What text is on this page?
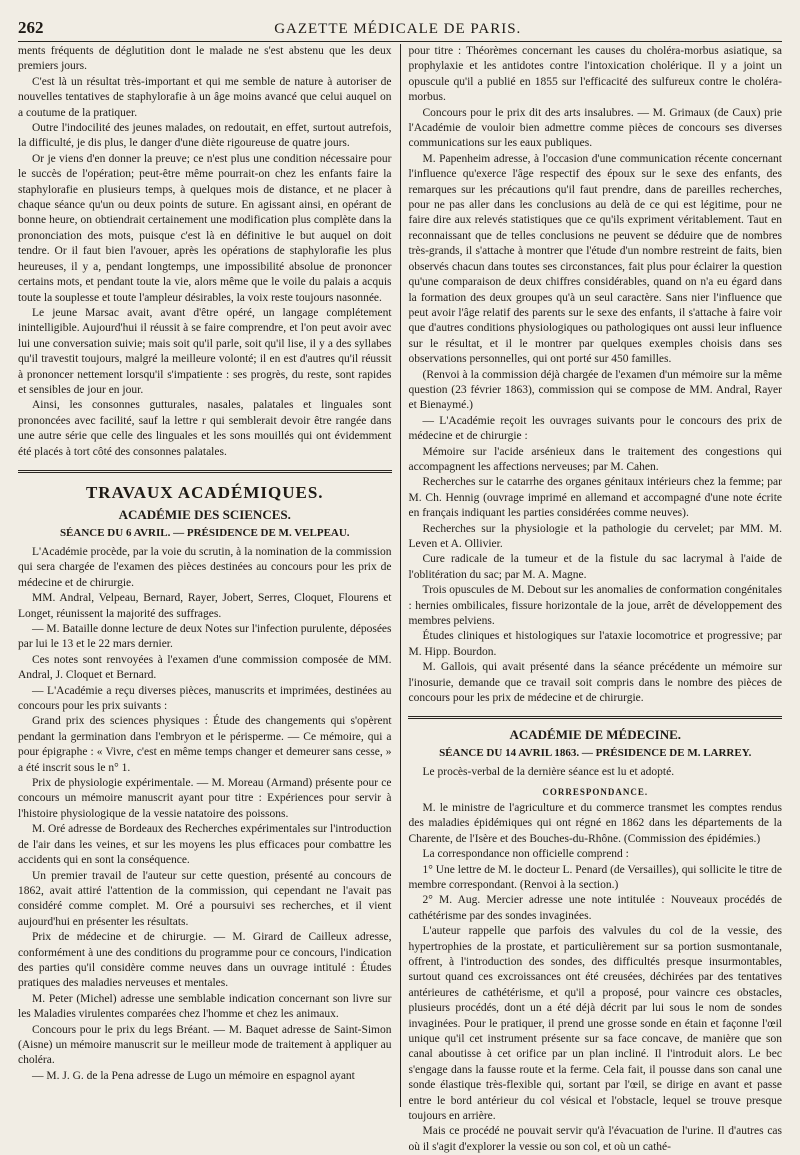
262	GAZETTE MÉDICALE DE PARIS.

ments fréquents de déglutition dont le malade ne s'est abstenu que les deux premiers jours.

C'est là un résultat très-important et qui me semble de nature à autoriser de nouvelles tentatives de staphylorafie à un âge moins avancé que celui auquel on a coutume de la pratiquer.

Outre l'indocilité des jeunes malades, on redoutait, en effet, surtout autrefois, la difficulté, je dis plus, le danger d'une diète rigoureuse de quatre jours.

Or je viens d'en donner la preuve; ce n'est plus une condition nécessaire pour le succès de l'opération; peut-être même pourrait-on chez les enfants faire la staphylorafie en plusieurs temps, à quelques mois de distance, et ne placer à chaque séance qu'un ou deux points de suture. En agissant ainsi, en opérant de bonne heure, on obtiendrait certainement une modification plus complète dans la prononciation des mots, puisque c'est là en définitive le but auquel on doit tendre. Or il faut bien l'avouer, après les opérations de staphylorafie les plus heureuses, il y a, pendant longtemps, une impossibilité absolue de prononcer certains mots, et pendant toute la vie, alors même que le voile du palais a acquis toute la souplesse et toute l'ampleur désirables, la voix reste toujours nasonnée.

Le jeune Marsac avait, avant d'être opéré, un langage complétement inintelligible. Aujourd'hui il réussit à se faire comprendre, et l'on peut avoir avec lui une conversation suivie; mais soit qu'il parle, soit qu'il lise, il y a des syllabes qu'il travestit toujours, malgré la meilleure volonté; il en est d'autres qu'il réussit à prononcer nettement lorsqu'il s'impatiente : ses progrès, du reste, sont rapides et sensibles de jour en jour.

Ainsi, les consonnes gutturales, nasales, palatales et linguales sont prononcées avec facilité, sauf la lettre r qui semblerait devoir être rangée dans une autre série que celle des linguales et les sons mouillés qui ont évidemment été placés à tort côté des consonnes palatales.

TRAVAUX ACADÉMIQUES.
ACADÉMIE DES SCIENCES.
SÉANCE DU 6 AVRIL. — PRÉSIDENCE DE M. VELPEAU.

L'Académie procède, par la voie du scrutin, à la nomination de la commission qui sera chargée de l'examen des pièces destinées au concours pour les prix de médecine et de chirurgie.

MM. Andral, Velpeau, Bernard, Rayer, Jobert, Serres, Cloquet, Flourens et Longet, réunissent la majorité des suffrages.

— M. Bataille donne lecture de deux Notes sur l'infection purulente, déposées par lui le 13 et le 22 mars dernier.

Ces notes sont renvoyées à l'examen d'une commission composée de MM. Andral, J. Cloquet et Bernard.

— L'Académie a reçu diverses pièces, manuscrits et imprimées, destinées au concours pour les prix suivants :

Grand prix des sciences physiques : Étude des changements qui s'opèrent pendant la germination dans l'embryon et le périsperme. — Ce mémoire, qui a pour épigraphe : « Vivre, c'est en même temps changer et demeurer sans cesse, » a été inscrit sous le n° 1.

Prix de physiologie expérimentale. — M. Moreau (Armand) présente pour ce concours un mémoire manuscrit ayant pour titre : Expériences pour servir à l'histoire physiologique de la vessie natatoire des poissons.

M. Oré adresse de Bordeaux des Recherches expérimentales sur l'introduction de l'air dans les veines, et sur les moyens les plus efficaces pour combattre les accidents qui en sont la conséquence.

Un premier travail de l'auteur sur cette question, présenté au concours de 1862, avait attiré l'attention de la commission, qui cependant ne l'avait pas considéré comme complet. M. Oré a poursuivi ses recherches, et il vient aujourd'hui en présenter les résultats.

Prix de médecine et de chirurgie. — M. Girard de Cailleux adresse, conformément à une des conditions du programme pour ce concours, l'indication des parties qu'il considère comme neuves dans un ouvrage intitulé : Études pratiques des maladies nerveuses et mentales.

M. Peter (Michel) adresse une semblable indication concernant son livre sur les Maladies virulentes comparées chez l'homme et chez les animaux.

Concours pour le prix du legs Bréant. — M. Baquet adresse de Saint-Simon (Aisne) un mémoire manuscrit sur le meilleur mode de traitement à appliquer au choléra.

— M. J. G. de la Pena adresse de Lugo un mémoire en espagnol ayant

pour titre : Théorèmes concernant les causes du choléra-morbus asiatique, sa prophylaxie et les antidotes contre l'intoxication cholérique. Il y a joint un opuscule qu'il a publié en 1855 sur l'efficacité des sulfureux contre le choléra-morbus.

Concours pour le prix dit des arts insalubres. — M. Grimaux (de Caux) prie l'Académie de vouloir bien admettre comme pièces de concours ses diverses communications sur les eaux publiques.

M. Papenheim adresse, à l'occasion d'une communication récente concernant l'influence qu'exerce l'âge respectif des époux sur le sexe des enfants, des remarques sur les précautions qu'il faut prendre, dans de pareilles recherches, pour ne pas aller dans les conclusions au delà de ce qui est légitime, pour ne faire dire aux relevés statistiques que ce qu'ils expriment véritablement. Taut en reconnaissant que de telles conclusions ne peuvent se déduire que de nombres très-grands, il s'attache à montrer que l'étude d'un nombre restreint de faits, bien observés chacun dans toutes ses circonstances, fait plus pour éclairer la question qu'une comparaison de deux chiffres considérables, quand on n'a eu égard dans la formation des deux groupes qu'à un seul caractère. Sans nier l'influence que peut avoir l'âge relatif des parents sur le sexe des enfants, il s'attache à faire voir que d'autres conditions physiologiques ou pathologiques ont aussi leur influence sur le résultat, et il le montrer par quelques exemples choisis dans ses observations personnelles, qui ont porté sur 450 familles.

(Renvoi à la commission déjà chargée de l'examen d'un mémoire sur la même question (23 février 1863), commission qui se compose de MM. Andral, Rayer et Bienaymé.)

— L'Académie reçoit les ouvrages suivants pour le concours des prix de médecine et de chirurgie :

Mémoire sur l'acide arsénieux dans le traitement des congestions qui accompagnent les affections nerveuses; par M. Cahen.

Recherches sur le catarrhe des organes génitaux intérieurs chez la femme; par M. Ch. Hennig (ouvrage imprimé en allemand et accompagné d'une note écrite en français indiquant les parties considérées comme neuves).

Recherches sur la physiologie et la pathologie du cervelet; par MM. M. Leven et A. Ollivier.

Cure radicale de la tumeur et de la fistule du sac lacrymal à l'aide de l'oblitération du sac; par M. A. Magne.

Trois opuscules de M. Debout sur les anomalies de conformation congénitales : hernies ombilicales, fissure horizontale de la joue, arrêt de développement des membres pelviens.

Études cliniques et histologiques sur l'ataxie locomotrice et progressive; par M. Hipp. Bourdon.

M. Gallois, qui avait présenté dans la séance précédente un mémoire sur l'inosurie, demande que ce travail soit compris dans le nombre des pièces de concours pour les prix de médecine et de chirurgie.

ACADÉMIE DE MÉDECINE.
SÉANCE DU 14 AVRIL 1863. — PRÉSIDENCE DE M. LARREY.

Le procès-verbal de la dernière séance est lu et adopté.

CORRESPONDANCE.

M. le ministre de l'agriculture et du commerce transmet les comptes rendus des maladies épidémiques qui ont régné en 1862 dans les départements de la Charente, de l'Isère et des Bouches-du-Rhône. (Commission des épidémies.)

La correspondance non officielle comprend :

1° Une lettre de M. le docteur L. Penard (de Versailles), qui sollicite le titre de membre correspondant. (Renvoi à la section.)

2° M. Aug. Mercier adresse une note intitulée : Nouveaux procédés de cathétérisme par des sondes invaginées.

L'auteur rappelle que parfois des valvules du col de la vessie, des hypertrophies de la prostate, et particulièrement sur sa portion susmontanale, offrent, à l'introduction des sondes, des difficultés presque insurmontables, surtout quand ces excroissances ont été creusées, déchirées par des tentatives antérieures de cathétérisme, et qu'il a proposé, pour vaincre ces obstacles, plusieurs procédés, dont un a été déjà décrit par lui sous le nom de sondes invaginées. Pour le pratiquer, il prend une grosse sonde en étain et façonne l'œil unique qu'il cet instrument présente sur sa face concave, de manière que son canal aboutisse à cet orifice par un plan incliné. Il l'introduit alors. Le bec s'engage dans la fausse route et la ferme. Cela fait, il pousse dans son canal une sonde élastique très-flexible qui, sortant par l'œil, se dirige en avant et passe entre le bord antérieur du col vésical et l'obstacle, lequel se trouve presque toujours en arrière.

Mais ce procédé ne pouvait servir qu'à l'évacuation de l'urine. Il d'autres cas où il s'agit d'explorer la vessie ou son col, et où un cathé-
